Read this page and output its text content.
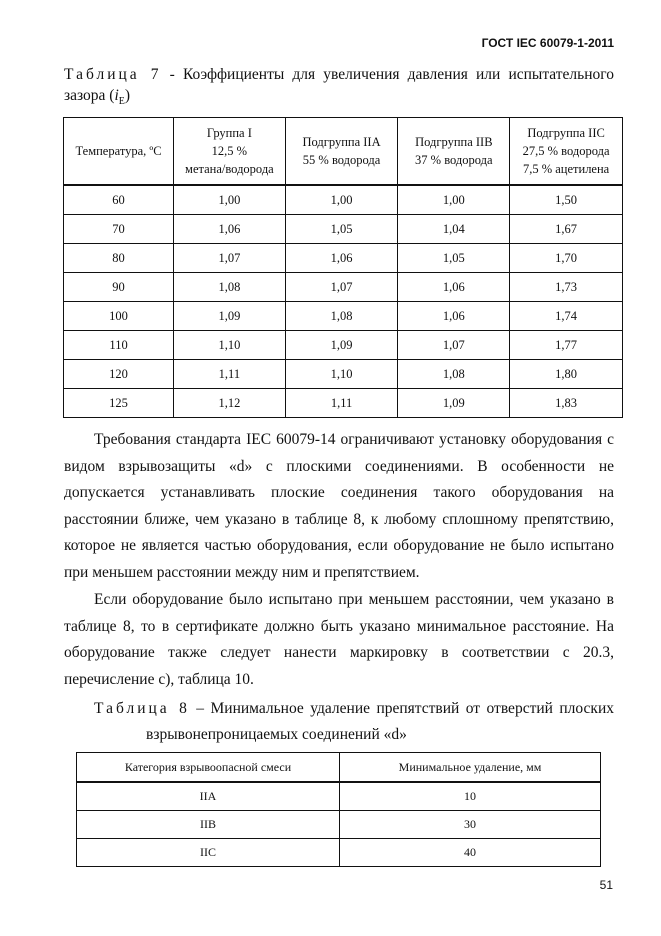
ГОСТ IEC 60079-1-2011
Таблица 7 - Коэффициенты для увеличения давления или испытательного
зазора $(i_E)$
Температура, ºС	Группа I
12,5 %
метана/водорода	Подгруппа IIA
55 % водорода	Подгруппа IIB
37 % водорода	Подгруппа IIC
27,5 % водорода
7,5 % ацетилена
60	1,00	1,00	1,00	1,50
70	1,06	1,05	1,04	1,67
80	1,07	1,06	1,05	1,70
90	1,08	1,07	1,06	1,73
100	1,09	1,08	1,06	1,74
110	1,10	1,09	1,07	1,77
120	1,11	1,10	1,08	1,80
125	1,12	1,11	1,09	1,83
Требования стандарта IEC 60079-14 ограничивают установку оборудования с
видом взрывозащиты «d» с плоскими соединениями. В особенности не
допускается устанавливать плоские соединения такого оборудования на
расстоянии ближе, чем указано в таблице 8, к любому сплошному препятствию,
которое не является частью оборудования, если оборудование не было испытано
при меньшем расстоянии между ним и препятствием.
Если оборудование было испытано при меньшем расстоянии, чем указано в
таблице 8, то в сертификате должно быть указано минимальное расстояние. На
оборудование также следует нанести маркировку в соответствии с 20.3,
перечисление с), таблица 10.
Таблица 8 – Минимальное удаление препятствий от отверстий плоских
взрывонепроницаемых соединений «d»
Категория взрывоопасной смеси	Минимальное удаление, мм
IIA	10
IIB	30
IIC	40
51
